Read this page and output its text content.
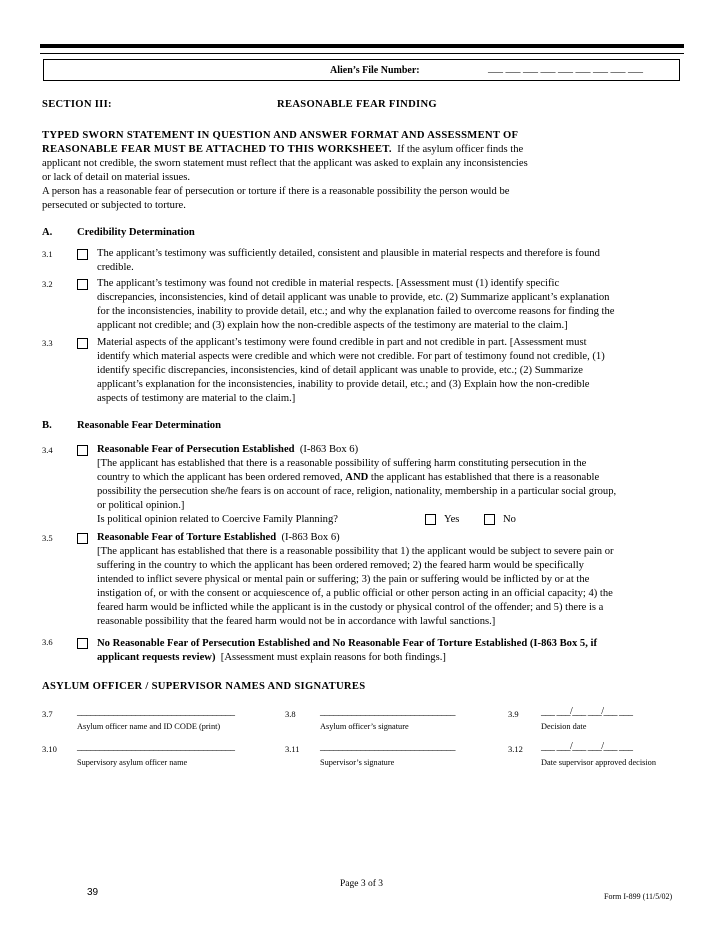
Alien’s File Number:	___ ___ ___ ___ ___ ___ ___ ___ ___
SECTION III:	REASONABLE FEAR FINDING
TYPED SWORN STATEMENT IN QUESTION AND ANSWER FORMAT AND ASSESSMENT OF
REASONABLE FEAR MUST BE ATTACHED TO THIS WORKSHEET. If the asylum officer finds the
applicant not credible, the sworn statement must reflect that the applicant was asked to explain any inconsistencies
or lack of detail on material issues.
A person has a reasonable fear of persecution or torture if there is a reasonable possibility the person would be
persecuted or subjected to torture.
A. Credibility Determination
3.1	The applicant’s testimony was sufficiently detailed, consistent and plausible in material respects and therefore is found
credible.
3.2	The applicant’s testimony was found not credible in material respects. [Assessment must (1) identify specific
discrepancies, inconsistencies, kind of detail applicant was unable to provide, etc. (2) Summarize applicant’s explanation
for the inconsistencies, inability to provide detail, etc.; and why the explanation failed to overcome reasons for finding the
applicant not credible; and (3) explain how the non-credible aspects of the testimony are material to the claim.]
3.3	Material aspects of the applicant’s testimony were found credible in part and not credible in part. [Assessment must
identify which material aspects were credible and which were not credible. For part of testimony found not credible, (1)
identify specific discrepancies, inconsistencies, kind of detail applicant was unable to provide, etc.; (2) Summarize
applicant’s explanation for the inconsistencies, inability to provide detail, etc.; and (3) Explain how the non-credible
aspects of testimony are material to the claim.]
B. Reasonable Fear Determination
3.4	Reasonable Fear of Persecution Established (I-863 Box 6)
[The applicant has established that there is a reasonable possibility of suffering harm constituting persecution in the
country to which the applicant has been ordered removed, AND the applicant has established that there is a reasonable
possibility the persecution she/he fears is on account of race, religion, nationality, membership in a particular social group,
or political opinion.]
Is political opinion related to Coercive Family Planning?	Yes	No
3.5	Reasonable Fear of Torture Established (I-863 Box 6)
[The applicant has established that there is a reasonable possibility that 1) the applicant would be subject to severe pain or
suffering in the country to which the applicant has been ordered removed; 2) the feared harm would be specifically
intended to inflict severe physical or mental pain or suffering; 3) the pain or suffering would be inflicted by or at the
instigation of, or with the consent or acquiescence of, a public official or other person acting in an official capacity; 4) the
feared harm would be inflicted while the applicant is in the custody or physical control of the offender; and 5) there is a
reasonable possibility that the feared harm would not be in accordance with lawful sanctions.]
3.6	No Reasonable Fear of Persecution Established and No Reasonable Fear of Torture Established (I-863 Box 5, if
applicant requests review) [Assessment must explain reasons for both findings.]
ASYLUM OFFICER / SUPERVISOR NAMES AND SIGNATURES
3.7 ___________________________________
Asylum officer name and ID CODE (print)
3.8 ______________________________
Asylum officer’s signature
3.9 ___ ___/___ ___/___ ___
Decision date
3.10 ___________________________________
Supervisory asylum officer name
3.11 ______________________________
Supervisor’s signature
3.12 ___ ___/___ ___/___ ___
Date supervisor approved decision
Page 3 of 3
39	Form I-899 (11/5/02)
